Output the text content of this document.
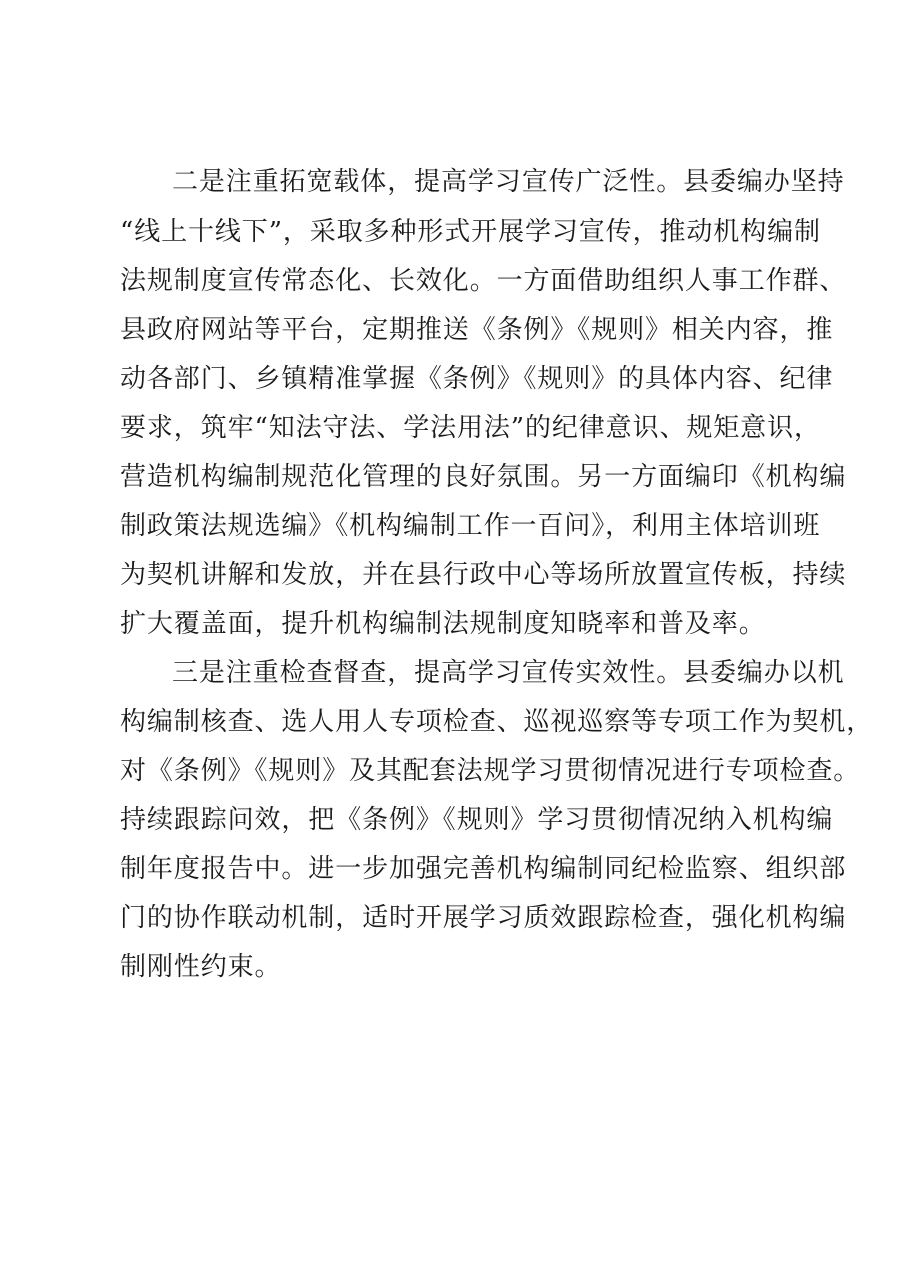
二是注重拓宽载体，提高学习宣传广泛性。县委编办坚持
“线上十线下”，采取多种形式开展学习宣传，推动机构编制
法规制度宣传常态化、长效化。一方面借助组织人事工作群、
县政府网站等平台，定期推送《条例》《规则》相关内容，推
动各部门、乡镇精准掌握《条例》《规则》的具体内容、纪律
要求，筑牢“知法守法、学法用法”的纪律意识、规矩意识，
营造机构编制规范化管理的良好氛围。另一方面编印《机构编
制政策法规选编》《机构编制工作一百问》，利用主体培训班
为契机讲解和发放，并在县行政中心等场所放置宣传板，持续
扩大覆盖面，提升机构编制法规制度知晓率和普及率。
三是注重检查督查，提高学习宣传实效性。县委编办以机
构编制核查、选人用人专项检查、巡视巡察等专项工作为契机，
对《条例》《规则》及其配套法规学习贯彻情况进行专项检查。
持续跟踪问效，把《条例》《规则》学习贯彻情况纳入机构编
制年度报告中。进一步加强完善机构编制同纪检监察、组织部
门的协作联动机制，适时开展学习质效跟踪检查，强化机构编
制刚性约束。
